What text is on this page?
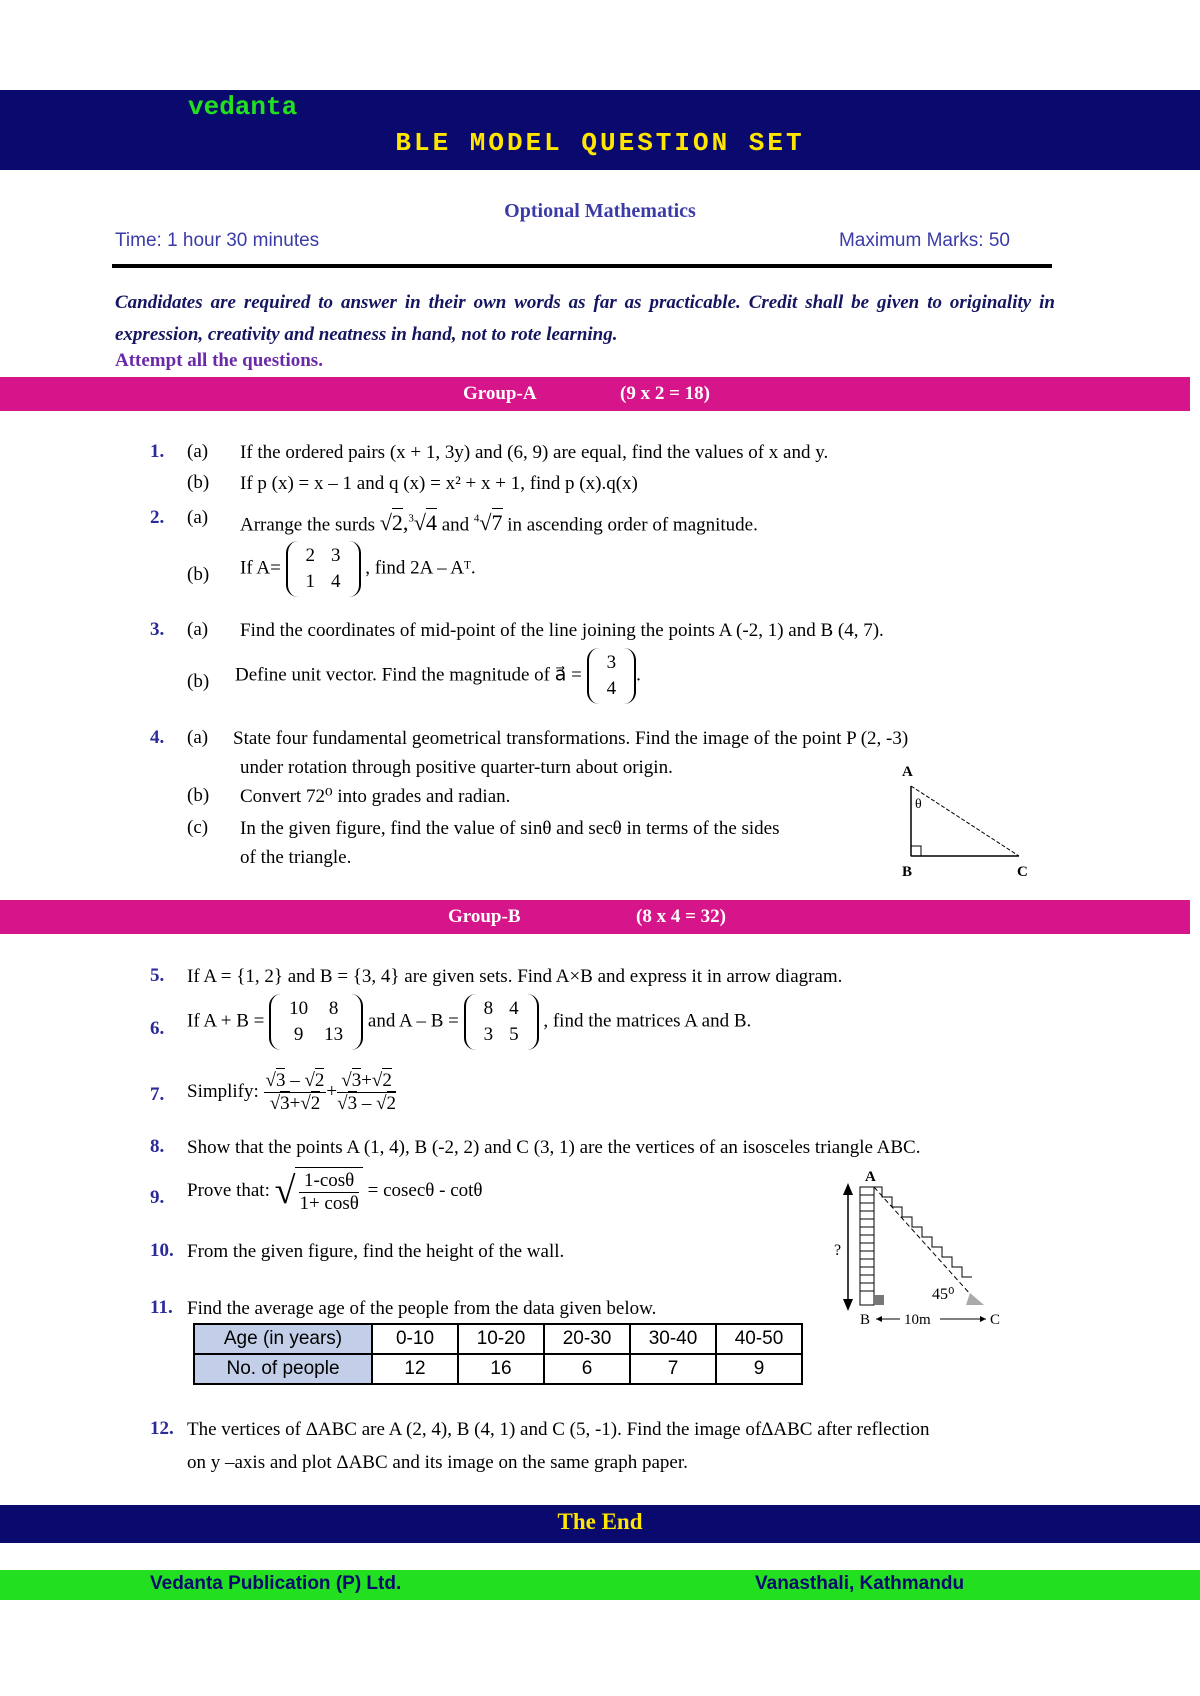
vedanta
BLE MODEL QUESTION SET
Optional Mathematics
Time: 1 hour 30 minutes	Maximum Marks: 50
Candidates are required to answer in their own words as far as practicable. Credit shall be given to originality in expression, creativity and neatness in hand, not to rote learning.
Attempt all the questions.
Group-A	(9 x 2 = 18)
1. (a) If the ordered pairs (x + 1, 3y) and (6, 9) are equal, find the values of x and y.
(b) If p (x) = x – 1 and q (x) = x² + x + 1, find p (x).q(x)
2. (a) Arrange the surds √2,$^3$√4 and $^4$√7 in ascending order of magnitude.
(b) If A=
2	3
1	4
, find 2A – Aᵀ.
3. (a) Find the coordinates of mid-point of the line joining the points A (-2, 1) and B (4, 7).
(b) Define unit vector. Find the magnitude of a⃗ =
3
4
.
4. (a) State four fundamental geometrical transformations. Find the image of the point P (2, -3)
under rotation through positive quarter-turn about origin.
(b) Convert 72⁰ into grades and radian.
(c) In the given figure, find the value of sinθ and secθ in terms of the sides
of the triangle.
A
θ
B	C
Group-B	(8 x 4 = 32)
5. If A = {1, 2} and B = {3, 4} are given sets. Find A×B and express it in arrow diagram.
6. If A + B =
10	8
9	13
and A – B =
8	4
3	5
, find the matrices A and B.
7. Simplify: $\frac{√3 - √2}{√3+√2} + \frac{√3+√2}{√3 - √2}$
8. Show that the points A (1, 4), B (-2, 2) and C (3, 1) are the vertices of an isosceles triangle ABC.
9. Prove that: √ $\frac{1-\cos\theta}{1+ \cos\theta} = cosec\theta - \cot\theta$
10. From the given figure, find the height of the wall.
A
?
45⁰
B 10m	C
11. Find the average age of the people from the data given below.
Age (in years)	0-10	10-20	20-30	30-40	40-50
No. of people	12	16	6	7	9
12. The vertices of ΔABC are A (2, 4), B (4, 1) and C (5, -1). Find the image ofΔABC after reflection
on y –axis and plot ΔABC and its image on the same graph paper.
The End
Vedanta Publication (P) Ltd.	Vanasthali, Kathmandu
